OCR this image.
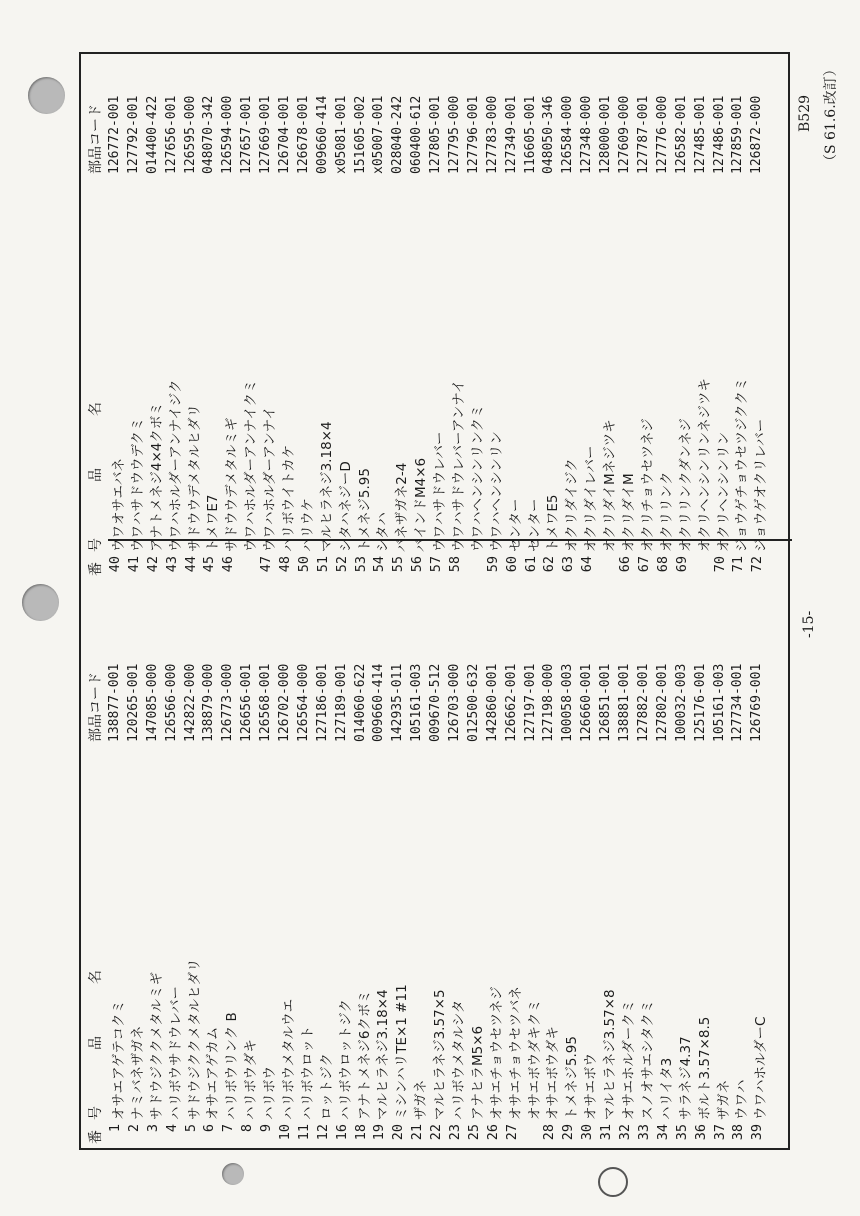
B529 （S 61.6.改訂）
-15-
番号
品名
部品コード
1
オサエアゲテコクミ
138877-001
2
ナミバネザガネ
120265-001
3
サドウジククメタルミギ
147085-000
4
ハリボウサドウレバー
126566-000
5
サドウジククメタルヒダリ
142822-000
6
オサエアゲカム
138879-000
7
ハリボウリンク B
126773-000
8
ハリボウダキ
126656-001
9
ハリボウ
126568-001
10
ハリボウメタルウエ
126702-000
11
ハリボウロット
126564-000
12
ロットジク
127186-001
16
ハリボウロットジク
127189-001
18
アナトメネジ6クボミ
014060-622
19
マルヒラネジ3.18×4
009660-414
20
ミシンハリTE×1 #11
142935-011
21
ザガネ
105161-003
22
マルヒラネジ3.57×5
009670-512
23
ハリボウメタルシタ
126703-000
25
アナヒラM5×6
012500-632
26
オサエチョウセツネジ
142860-001
27
オサエチョウセツバネ
126662-001
オサエボウダキクミ
127197-001
28
オサエボウダキ
127198-000
29
トメネジ5.95
100058-003
30
オサエボウ
126660-001
31
マルヒラネジ3.57×8
126851-001
32
オサエホルダークミ
138881-001
33
スノオサエシタクミ
127882-001
34
ハリイタ3
127802-001
35
サラネジ4.37
100032-003
36
ボルト3.57×8.5
125176-001
37
ザガネ
105161-003
38
ウワハ
127734-001
39
ウワハホルダーC
126769-001
番号
品名
部品コード
40
ウワオサエバネ
126772-001
41
ウワハサドウウデクミ
127792-001
42
アナトメネジ4×4クボミ
014400-422
43
ウワハホルダーアンナイジク
127656-001
44
サドウウデメタルヒダリ
126595-000
45
トメワE7
048070-342
46
サドウウデメタルミギ
126594-000
ウワハホルダーアンナイクミ
127657-001
47
ウワハホルダーアンナイ
127669-001
48
ハリボウイトカケ
126704-001
50
ハリウケ
126678-001
51
マルヒラネジ3.18×4
009660-414
52
シタハネジーD
x05081-001
53
トメネジ5.95
151605-002
54
シタハ
x05007-001
55
バネザガネ2-4
028040-242
56
バインドM4×6
060400-612
57
ウワハサドウレバー
127805-001
58
ウワハサドウレバーアンナイ
127795-000
ウワハヘンシンリンクミ
127796-001
59
ウワハヘンシンリン
127783-000
60
センター
127349-001
61
センター
116605-001
62
トメワE5
048050-346
63
オクリダイジク
126584-000
64
オクリダイレバー
127348-000
オクリダイMネジツキ
128000-001
66
オクリダイM
127609-000
67
オクリチョウセツネジ
127787-001
68
オクリリンク
127776-000
69
オクリリンクダンネジ
126582-001
オクリヘンシンリンネジツキ
127485-001
70
オクリヘンシンリン
127486-001
71
ジョウゲチョウセツジククミ
127859-001
72
ジョウゲオクリレバー
126872-000
